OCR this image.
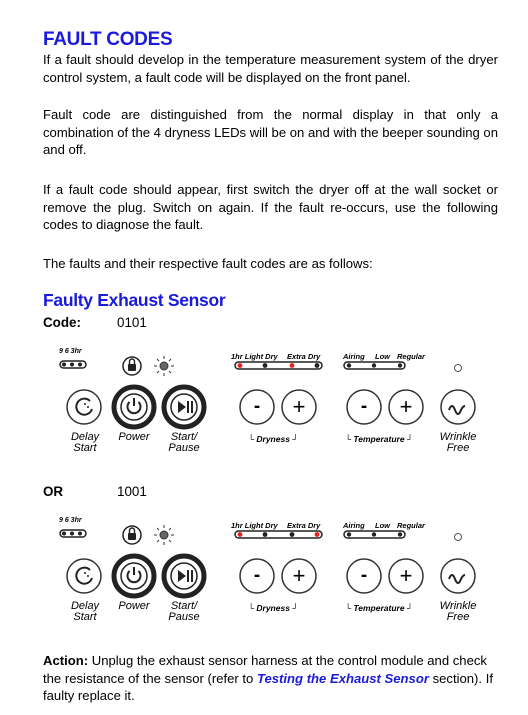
FAULT CODES
If a fault should develop in the temperature measurement system of the dryer control system, a fault code will be displayed on the front panel.
Fault code are distinguished from the normal display in that only a combination of the 4 dryness LEDs will be on and with the beeper sounding on and off.
If a fault code should appear, first switch the dryer off at the wall socket or remove the plug. Switch on again. If the fault re-occurs, use the following codes to diagnose the fault.
The faults and their respective fault codes are as follows:
Faulty Exhaust Sensor
Code:	0101
9 6 3hr
1hr Light Dry Extra Dry	Airing Low Regular
-	+	-	+
Delay
Start
Power	Start/
Pause
└ Dryness ┘	└ Temperature ┘ Wrinkle
Free
OR	1001
9 6 3hr
1hr Light Dry Extra Dry	Airing Low Regular
-	+	-	+
Delay
Start
Power	Start/
Pause
└ Dryness ┘	└ Temperature ┘ Wrinkle
Free
Action: Unplug the exhaust sensor harness at the control module and check the resistance of the sensor (refer to Testing the Exhaust Sensor section). If faulty replace it.
